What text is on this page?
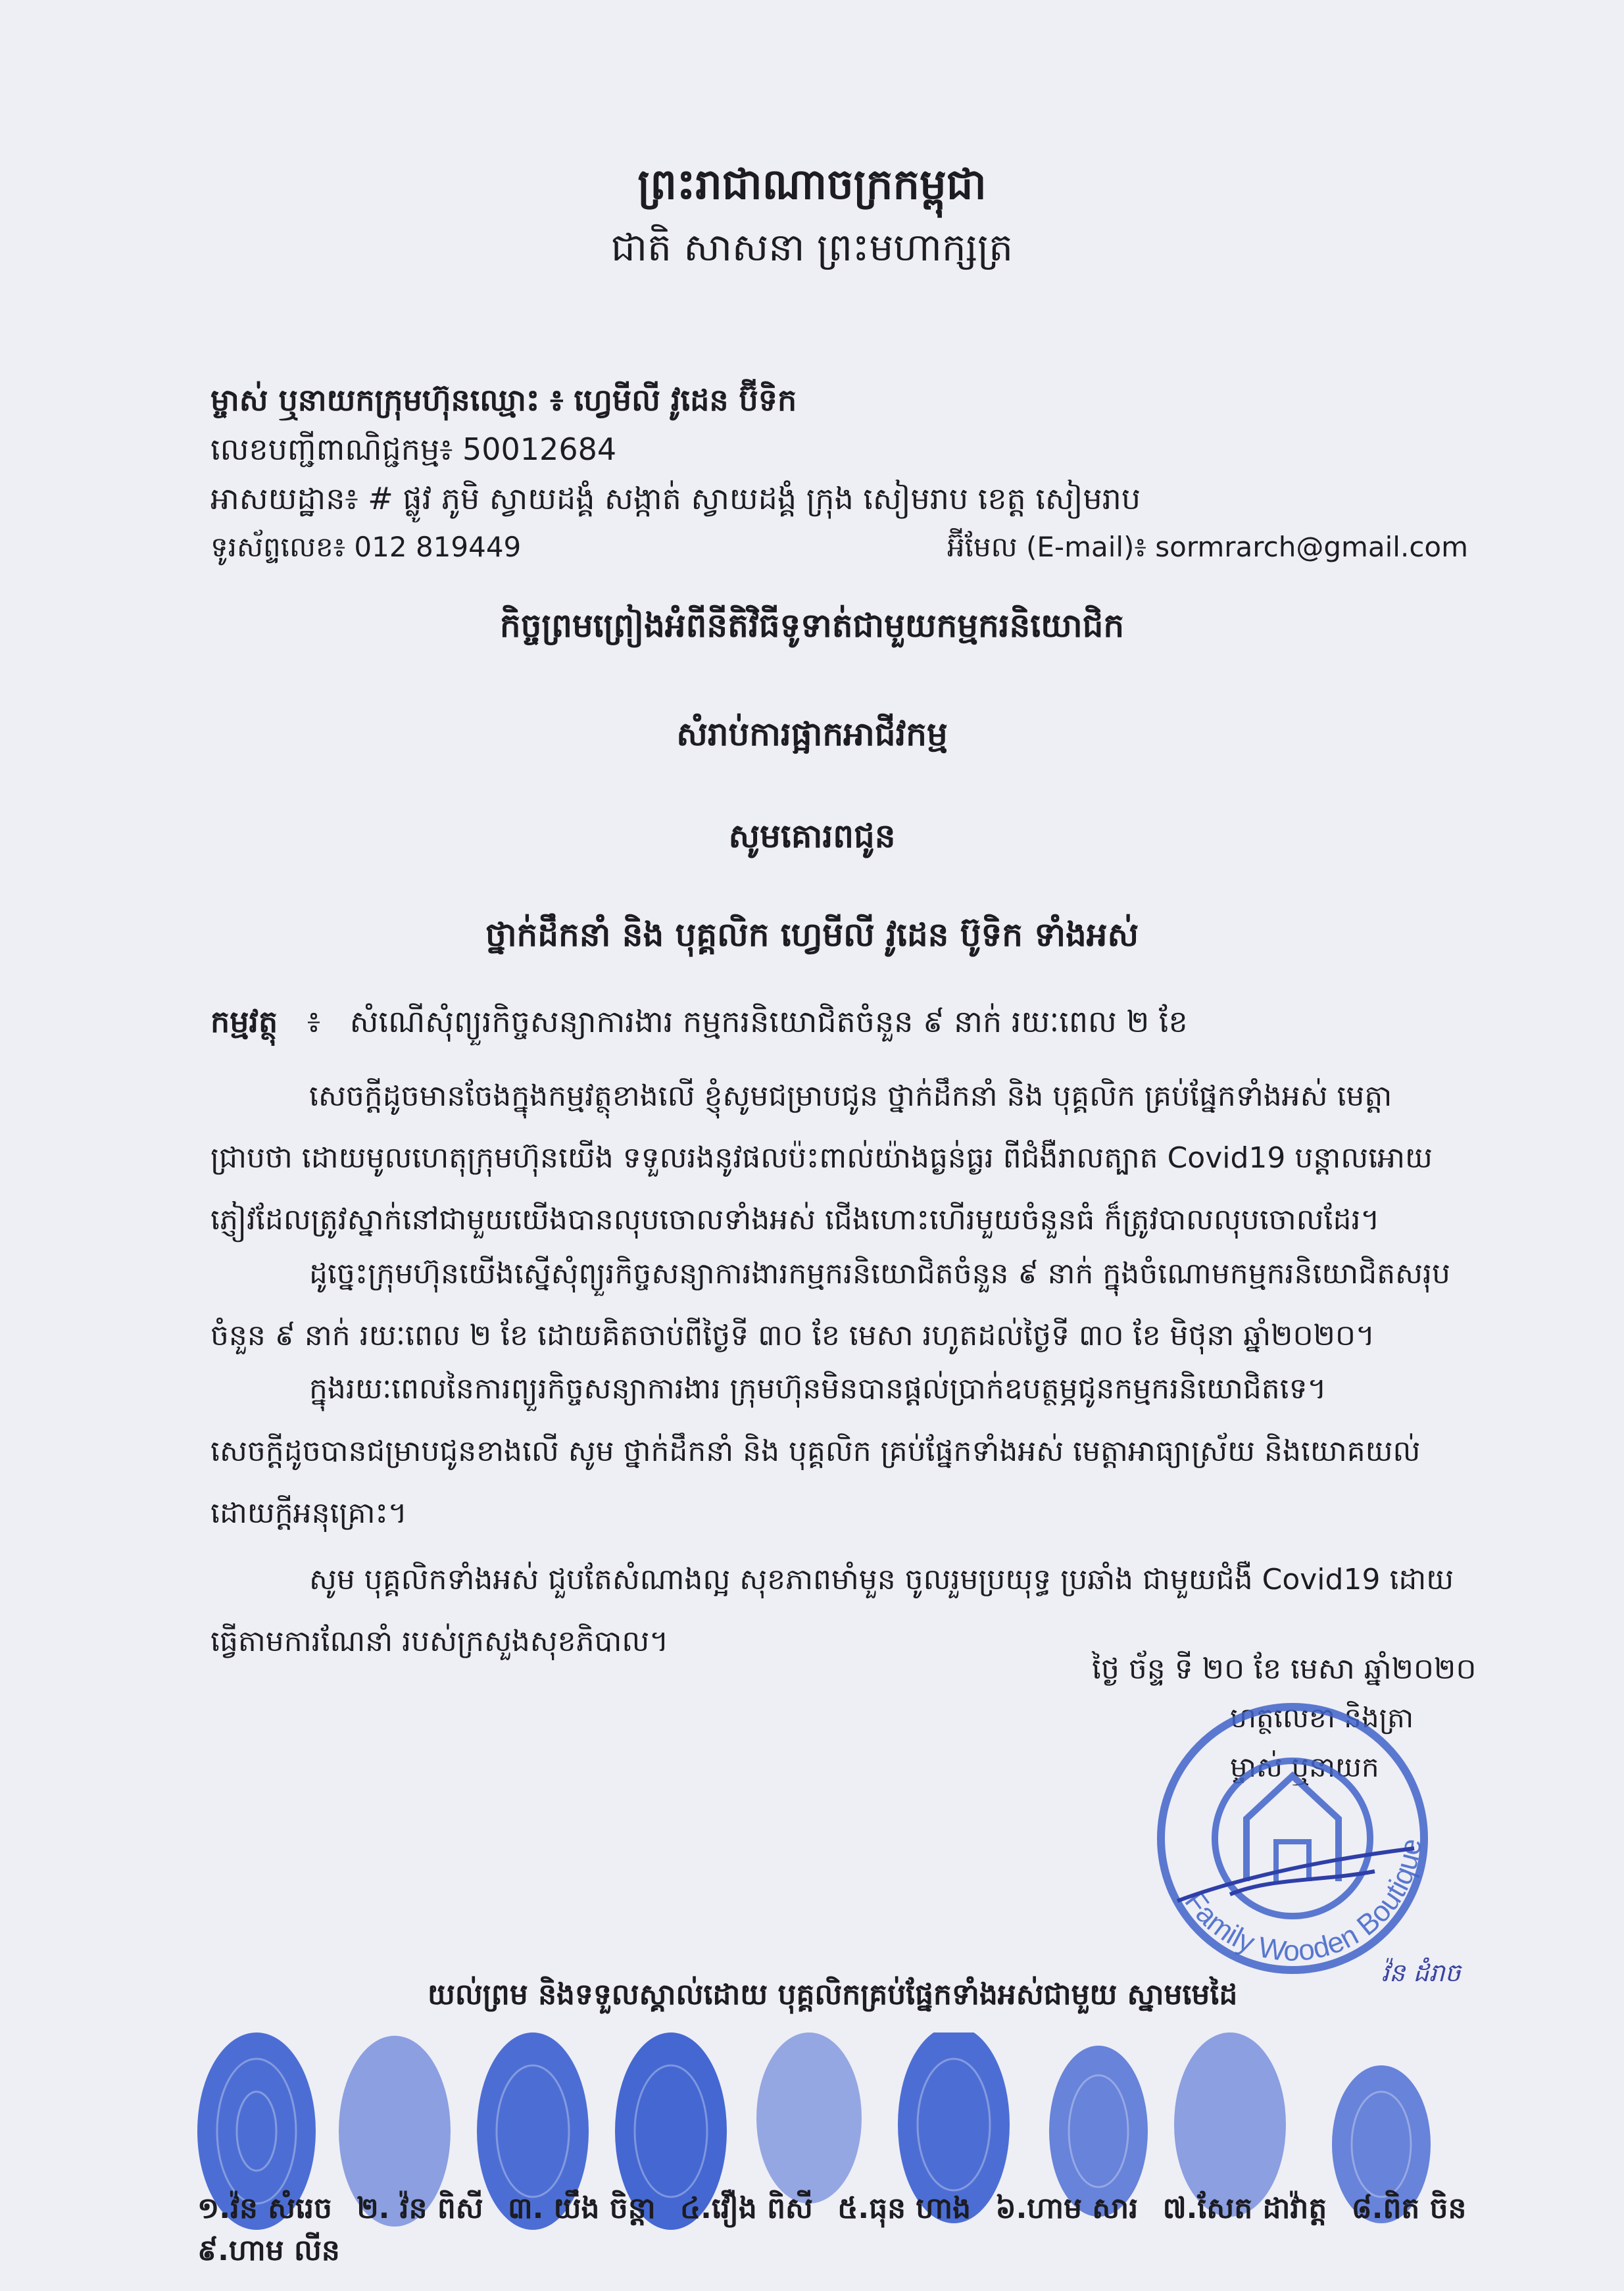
ព្រះរាជាណាចក្រកម្ពុជា
ជាតិ សាសនា ព្រះមហាក្សត្រ
ម្ចាស់ ឬនាយកក្រុមហ៊ុនឈ្មោះ ៖ ហ្វេមីលី វូដេន ប៊ីទិក
លេខបញ្ជីពាណិជ្ជកម្ម៖ 50012684
អាសយដ្ឋាន៖ # ផ្លូវ ភូមិ ស្វាយដង្គំ សង្កាត់ ស្វាយដង្គំ ក្រុង សៀមរាប ខេត្ត សៀមរាប
ទូរស័ព្ទលេខ៖ 012 819449	អ៊ីមែល (E-mail)៖ sormrarch@gmail.com
កិច្ចព្រមព្រៀងអំពីនីតិវិធីទូទាត់ជាមួយកម្មករនិយោជិក
សំរាប់ការផ្អាកអាជីវកម្ម
សូមគោរពជូន
ថ្នាក់ដឹកនាំ និង បុគ្គលិក ហ្វេមីលី វូដេន ប៊ូទិក ទាំងអស់
កម្មវត្ថុ ៖ សំណើសុំព្យួរកិច្ចសន្យាការងារ កម្មករនិយោជិតចំនួន ៩ នាក់ រយៈពេល ២ ខែ
សេចក្តីដូចមានចែងក្នុងកម្មវត្ថុខាងលើ ខ្ញុំសូមជម្រាបជូន ថ្នាក់ដឹកនាំ និង បុគ្គលិក គ្រប់ផ្នែកទាំងអស់ មេត្តាជ្រាបថា ដោយមូលហេតុក្រុមហ៊ុនយើង ទទួលរងនូវផលប៉ះពាល់យ៉ាងធ្ងន់ធ្ងរ ពីជំងឺរាលត្បាត Covid19 បន្តាលអោយភ្ញៀវដែលត្រូវស្នាក់នៅជាមួយយើងបានលុបចោលទាំងអស់ ជើងហោះហើរមួយចំនួនធំ ក៏ត្រូវបាលលុបចោលដែរ។
ដូច្នេះក្រុមហ៊ុនយើងស្នើសុំព្យួរកិច្ចសន្យាការងារកម្មករនិយោជិតចំនួន ៩ នាក់ ក្នុងចំណោមកម្មករនិយោជិតសរុបចំនួន ៩ នាក់ រយៈពេល ២ ខែ ដោយគិតចាប់ពីថ្ងៃទី ៣០ ខែ មេសា រហូតដល់ថ្ងៃទី ៣០ ខែ មិថុនា ឆ្នាំ២០២០។
ក្នុងរយៈពេលនៃការព្យួរកិច្ចសន្យាការងារ ក្រុមហ៊ុនមិនបានផ្តល់ប្រាក់ឧបត្ថម្ភជូនកម្មករនិយោជិតទេ។
សេចក្តីដូចបានជម្រាបជូនខាងលើ សូម ថ្នាក់ដឹកនាំ និង បុគ្គលិក គ្រប់ផ្នែកទាំងអស់ មេត្តាអាធ្យាស្រ័យ និងយោគយល់ ដោយក្តីអនុគ្រោះ។
សូម បុគ្គលិកទាំងអស់ ជួបតែសំណាងល្អ សុខភាពមាំមួន ចូលរួមប្រយុទ្ធ ប្រឆាំង ជាមួយជំងឺ Covid19 ដោយធ្វើតាមការណែនាំ របស់ក្រសួងសុខភិបាល។
ថ្ងៃ ច័ន្ទ ទី ២០ ខែ មេសា ឆ្នាំ២០២០
ហត្ថលេខា និងត្រា
ម្ចាស់ ឬនាយក
Family Wooden Boutique
វ៉ន ដំរាច
យល់ព្រម និងទទួលស្គាល់ដោយ បុគ្គលិកគ្រប់ផ្នែកទាំងអស់ជាមួយ ស្នាមមេដៃ
១.វ៉ន សំរេច ២. វ៉ន ពិសី ៣. យឹង ចិន្តា ៤.វឿង ពិសី ៥.ធុន ហាង ៦.ហាម សារ ៧.សែត ដាវ៉ាត្ត ៨.ពិត ចិន ៩.ហាម លីន
